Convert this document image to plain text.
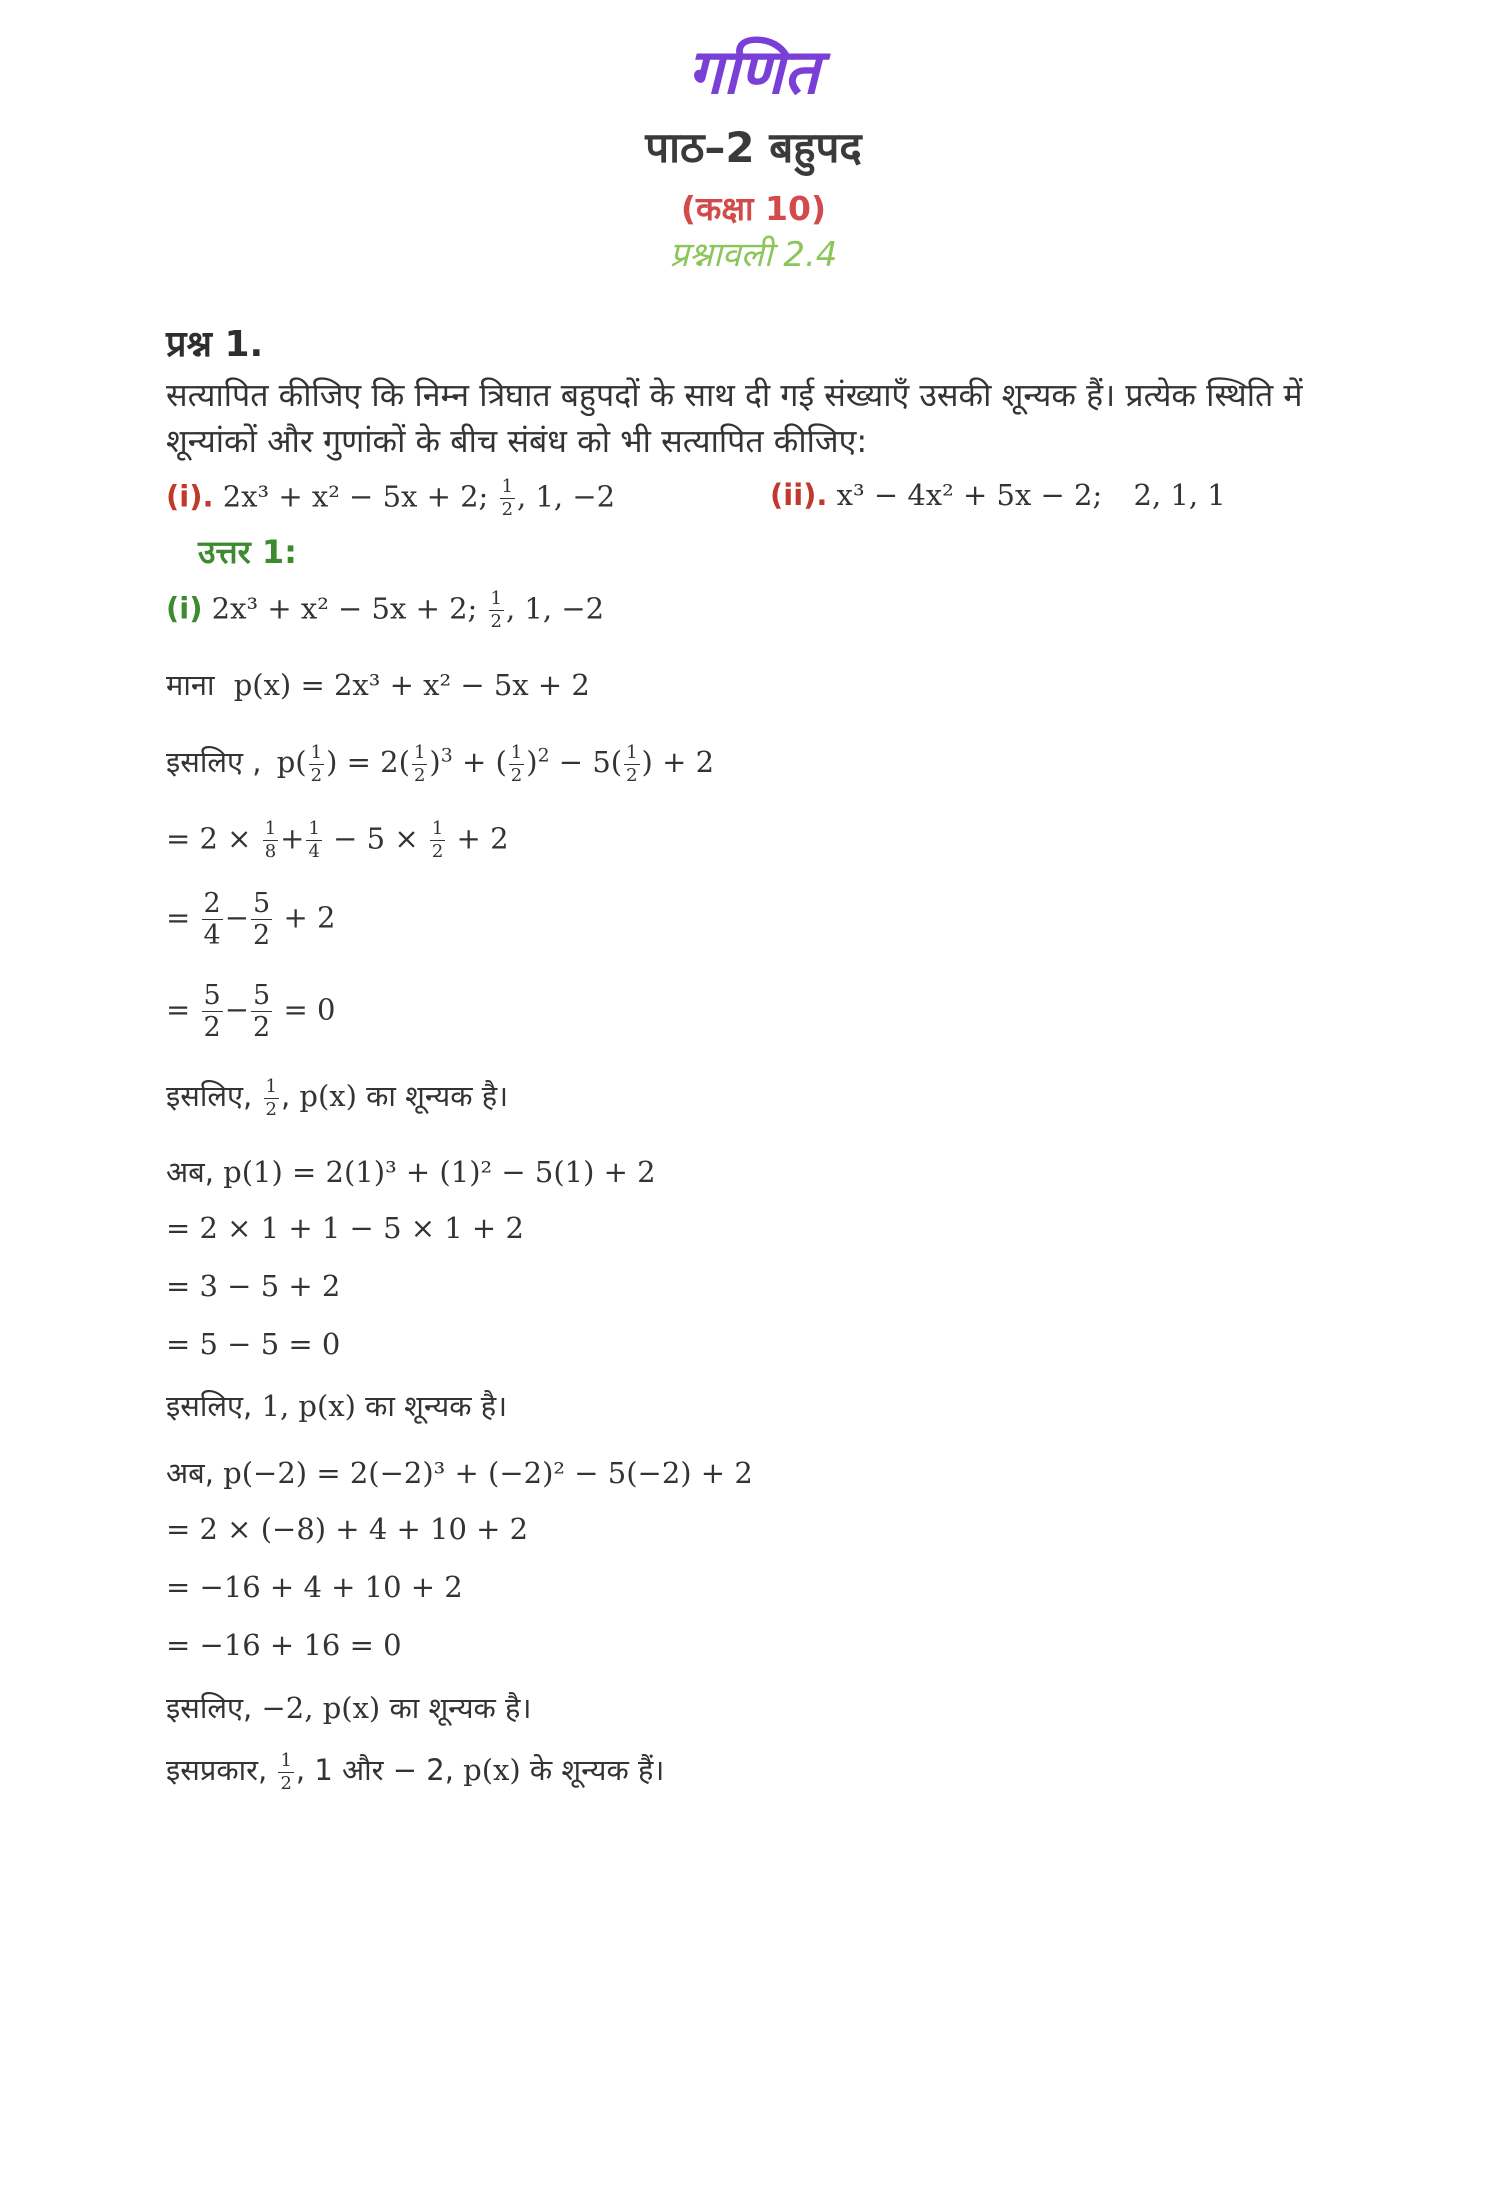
गणित
पाठ–2 बहुपद
(कक्षा 10)
प्रश्नावली 2.4
प्रश्न 1.
सत्यापित कीजिए कि निम्न त्रिघात बहुपदों के साथ दी गई संख्याएँ उसकी शून्यक हैं। प्रत्येक स्थिति में शून्यांकों और गुणांकों के बीच संबंध को भी सत्यापित कीजिए:
(i). 2x³ + x² − 5x + 2; $\frac{1}{2}$ , 1, −2	(ii). x³ − 4x² + 5x − 2; 2, 1, 1
उत्तर 1:
(i) 2x³ + x² − 5x + 2; $\frac{1}{2}$ , 1, −2
माना p(x) = 2x³ + x² − 5x + 2
इसलिए , $p( \frac{1}{2}$ ) = $2( \frac{1}{2} )^3$ + ( $\frac{1}{2} )^2 - 5( \frac{1}{2}$ ) + 2
= $2 \times \frac{1}{8} + \frac{1}{4} - 5 \times \frac{1}{2} + 2$
= $\frac{2}{4} - \frac{5}{2} + 2$
= $\frac{5}{2} - \frac{5}{2} = 0$
इसलिए, $\frac{1}{2}$ , p(x) का शून्यक है।
अब, p(1) = 2(1)³ + (1)² − 5(1) + 2
= 2 × 1 + 1 − 5 × 1 + 2
= 3 − 5 + 2
= 5 − 5 = 0
इसलिए, 1, p(x) का शून्यक है।
अब, p(−2) = 2(−2)³ + (−2)² − 5(−2) + 2
= 2 × (−8) + 4 + 10 + 2
= −16 + 4 + 10 + 2
= −16 + 16 = 0
इसलिए, −2, p(x) का शून्यक है।
इसप्रकार, $\frac{1}{2}$ , 1 और − 2, p(x) के शून्यक हैं।
